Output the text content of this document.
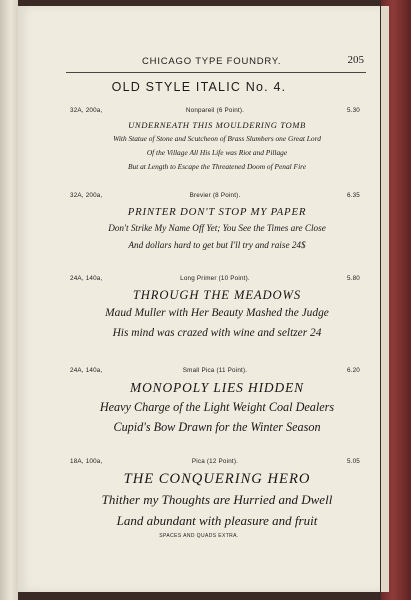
CHICAGO TYPE FOUNDRY.	205
OLD STYLE ITALIC No. 4.
32A, 200a,	Nonpareil (6 Point).	5.30
UNDERNEATH THIS MOULDERING TOMB
With Statue of Stone and Scutcheon of Brass Slumbers one Great Lord
Of the Village All His Life was Riot and Pillage
But at Length to Escape the Threatened Doom of Penal Fire
32A, 200a,	Brevier (8 Point).	6.35
PRINTER DON'T STOP MY PAPER
Don't Strike My Name Off Yet; You See the Times are Close
And dollars hard to get but I'll try and raise 24$
24A, 140a,	Long Primer (10 Point).	5.80
THROUGH THE MEADOWS
Maud Muller with Her Beauty Mashed the Judge
His mind was crazed with wine and seltzer 24
24A, 140a,	Small Pica (11 Point).	6.20
MONOPOLY LIES HIDDEN
Heavy Charge of the Light Weight Coal Dealers
Cupid's Bow Drawn for the Winter Season
18A, 100a,	Pica (12 Point).	5.05
THE CONQUERING HERO
Thither my Thoughts are Hurried and Dwell
Land abundant with pleasure and fruit
SPACES AND QUADS EXTRA.
